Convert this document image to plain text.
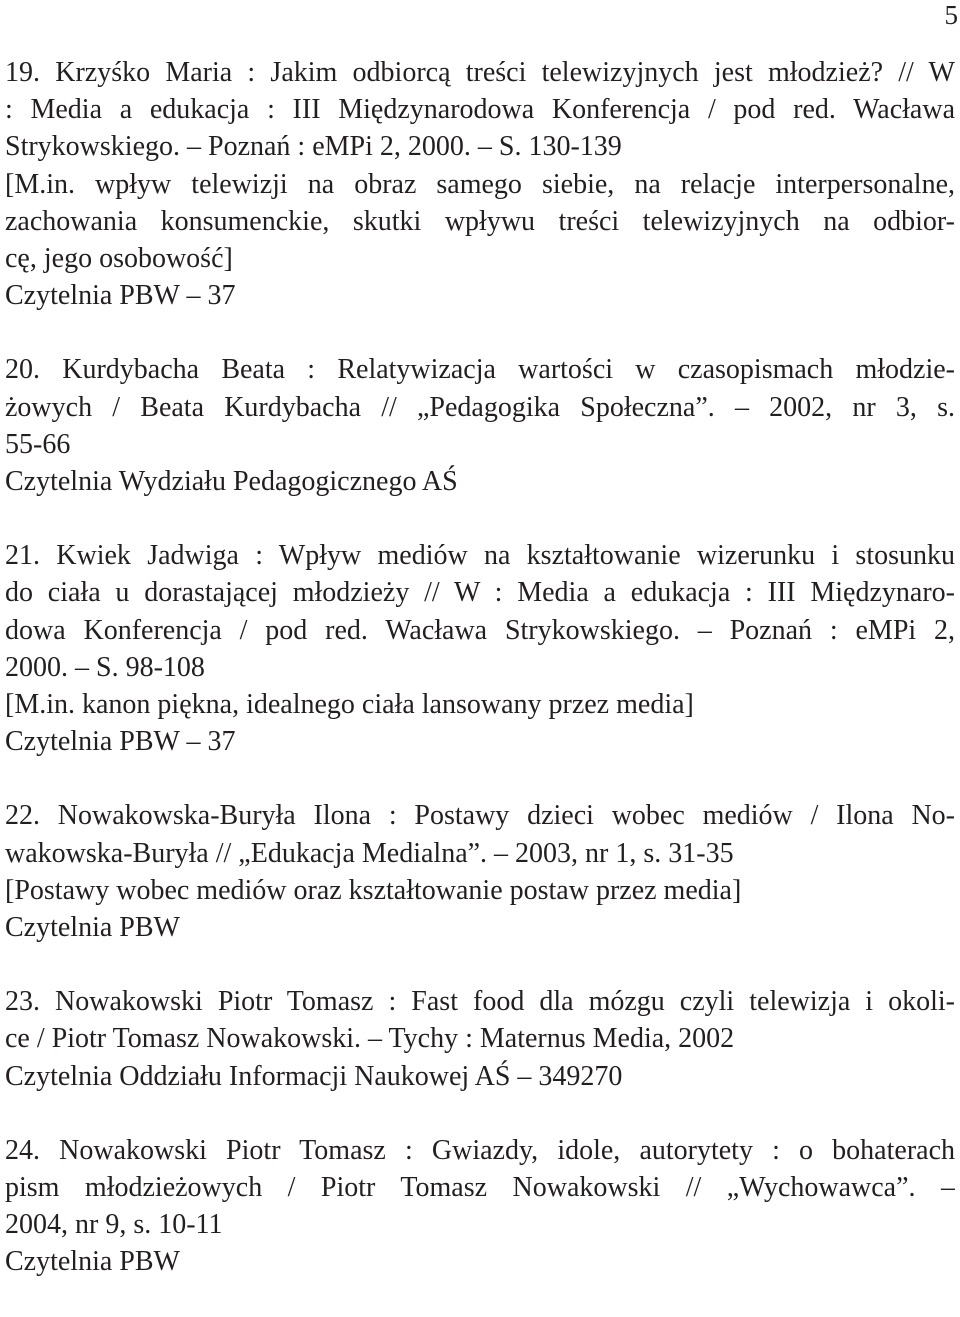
5
19. Krzyśko Maria : Jakim odbiorcą treści telewizyjnych jest młodzież? // W
: Media a edukacja : III Międzynarodowa Konferencja / pod red. Wacława
Strykowskiego. – Poznań : eMPi 2, 2000. – S. 130-139
[M.in. wpływ telewizji na obraz samego siebie, na relacje interpersonalne,
zachowania konsumenckie, skutki wpływu treści telewizyjnych na odbior-
cę, jego osobowość]
Czytelnia PBW – 37
20. Kurdybacha Beata : Relatywizacja wartości w czasopismach młodzie-
żowych / Beata Kurdybacha // „Pedagogika Społeczna”. – 2002, nr 3, s.
55-66
Czytelnia Wydziału Pedagogicznego AŚ
21. Kwiek Jadwiga : Wpływ mediów na kształtowanie wizerunku i stosunku
do ciała u dorastającej młodzieży // W : Media a edukacja : III Międzynaro-
dowa Konferencja / pod red. Wacława Strykowskiego. – Poznań : eMPi 2,
2000. – S. 98-108
[M.in. kanon piękna, idealnego ciała lansowany przez media]
Czytelnia PBW – 37
22. Nowakowska-Buryła Ilona : Postawy dzieci wobec mediów / Ilona No-
wakowska-Buryła // „Edukacja Medialna”. – 2003, nr 1, s. 31-35
[Postawy wobec mediów oraz kształtowanie postaw przez media]
Czytelnia PBW
23. Nowakowski Piotr Tomasz : Fast food dla mózgu czyli telewizja i okoli-
ce / Piotr Tomasz Nowakowski. – Tychy : Maternus Media, 2002
Czytelnia Oddziału Informacji Naukowej AŚ – 349270
24. Nowakowski Piotr Tomasz : Gwiazdy, idole, autorytety : o bohaterach
pism młodzieżowych / Piotr Tomasz Nowakowski // „Wychowawca”. –
2004, nr 9, s. 10-11
Czytelnia PBW
